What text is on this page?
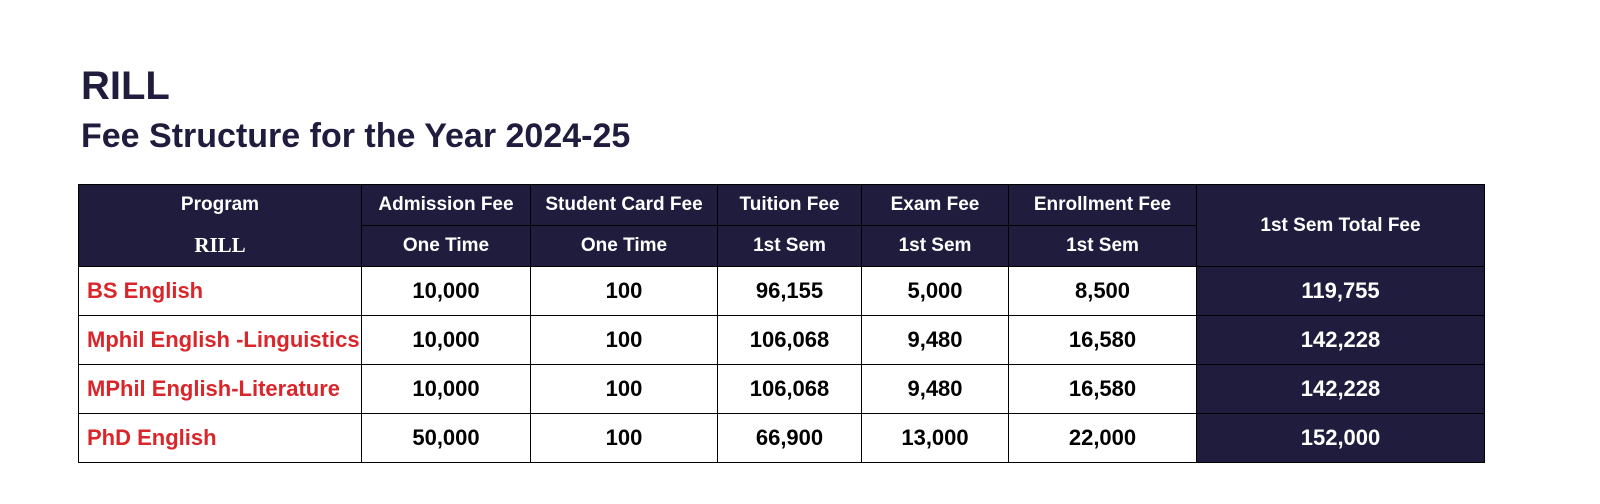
RILL
Fee Structure for the Year 2024-25
Program	Admission Fee	Student Card Fee	Tuition Fee	Exam Fee	Enrollment Fee	1st Sem Total Fee
RILL	One Time	One Time	1st Sem	1st Sem	1st Sem	
BS English	10,000	100	96,155	5,000	8,500	119,755
Mphil English -Linguistics	10,000	100	106,068	9,480	16,580	142,228
MPhil English-Literature	10,000	100	106,068	9,480	16,580	142,228
PhD English	50,000	100	66,900	13,000	22,000	152,000
